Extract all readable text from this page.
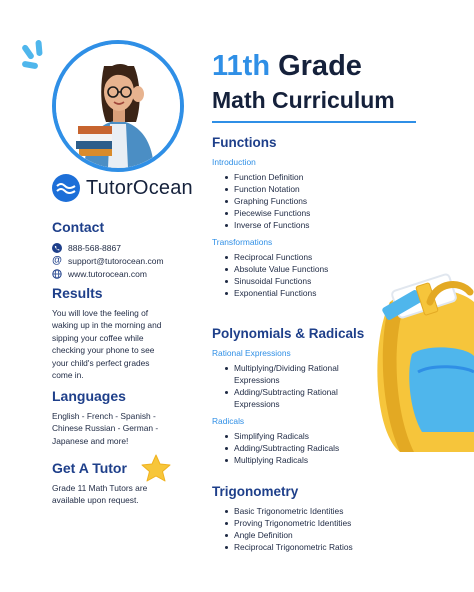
TutorOcean
Contact
888-568-8867
@ support@tutorocean.com
www.tutorocean.com
Results
You will love the feeling of
waking up in the morning and
sipping your coffee while
checking your phone to see
your child's perfect grades
come in.
Languages
English - French - Spanish -
Chinese Russian - German -
Japanese and more!
Get A Tutor
Grade 11 Math Tutors are
available upon request.
11th Grade
Math Curriculum
Functions
Introduction
Function Definition
Function Notation
Graphing Functions
Piecewise Functions
Inverse of Functions
Transformations
Reciprocal Functions
Absolute Value Functions
Sinusoidal Functions
Exponential Functions
Polynomials & Radicals
Rational Expressions
Multiplying/Dividing Rational
Expressions
Adding/Subtracting Rational
Expressions
Radicals
Simplifying Radicals
Adding/Subtracting Radicals
Multiplying Radicals
Trigonometry
Basic Trigonometric Identities
Proving Trigonometric Identities
Angle Definition
Reciprocal Trigonometric Ratios
